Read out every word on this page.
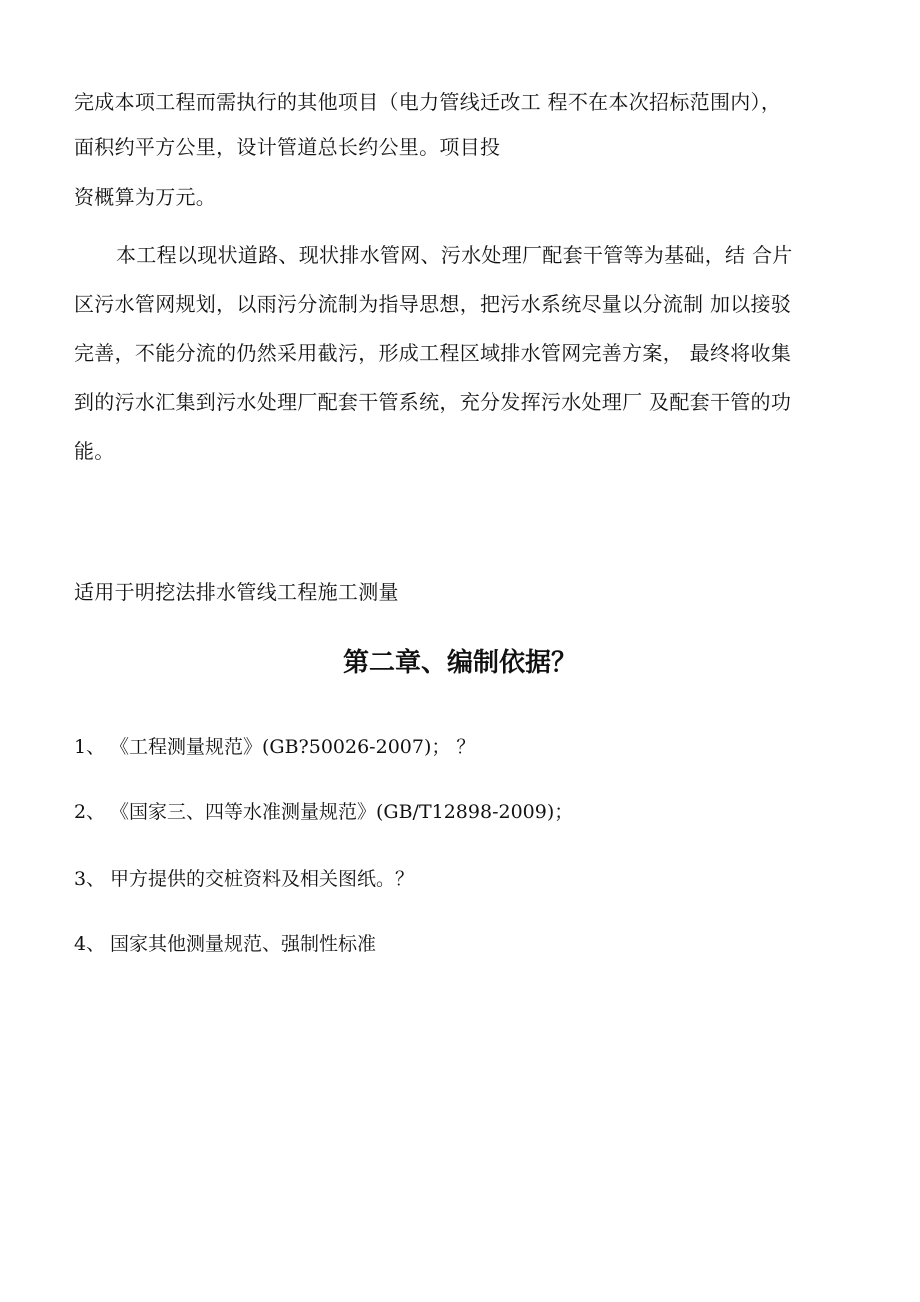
完成本项工程而需执行的其他项目（电力管线迁改工 程不在本次招标范围内），
面积约平方公里，设计管道总长约公里。项目投
资概算为万元。
本工程以现状道路、现状排水管网、污水处理厂配套干管等为基础，结 合片
区污水管网规划，以雨污分流制为指导思想，把污水系统尽量以分流制 加以接驳
完善，不能分流的仍然采用截污，形成工程区域排水管网完善方案， 最终将收集
到的污水汇集到污水处理厂配套干管系统，充分发挥污水处理厂 及配套干管的功
能。
适用于明挖法排水管线工程施工测量
第二章、编制依据？
1、 《工程测量规范》(GB?50026-2007)； ？
2、 《国家三、四等水准测量规范》(GB/T12898-2009)；
3、 甲方提供的交桩资料及相关图纸。？
4、 国家其他测量规范、强制性标准
